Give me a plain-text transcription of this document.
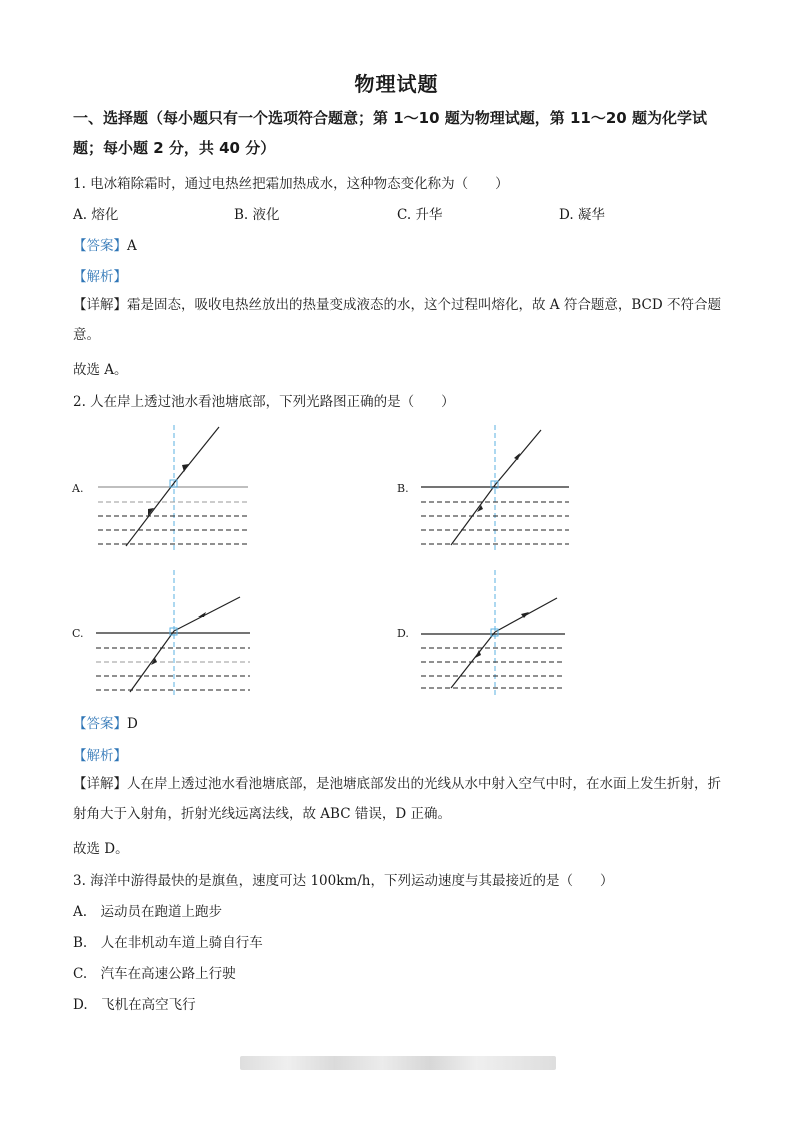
物理试题
一、选择题（每小题只有一个选项符合题意；第 1～10 题为物理试题，第 11～20 题为化学试题；每小题 2 分，共 40 分）
1. 电冰箱除霜时，通过电热丝把霜加热成水，这种物态变化称为（　　）
A. 熔化	B. 液化	C. 升华	D. 凝华
【答案】A
【解析】
【详解】霜是固态，吸收电热丝放出的热量变成液态的水，这个过程叫熔化，故 A 符合题意，BCD 不符合题意。
故选 A。
2. 人在岸上透过池水看池塘底部，下列光路图正确的是（　　）
A.	B.
C.	D.
【答案】D
【解析】
【详解】人在岸上透过池水看池塘底部，是池塘底部发出的光线从水中射入空气中时，在水面上发生折射，折射角大于入射角，折射光线远离法线，故 ABC 错误，D 正确。
故选 D。
3. 海洋中游得最快的是旗鱼，速度可达 100km/h，下列运动速度与其最接近的是（　　）
A.　运动员在跑道上跑步
B.　人在非机动车道上骑自行车
C.　汽车在高速公路上行驶
D.　飞机在高空飞行
